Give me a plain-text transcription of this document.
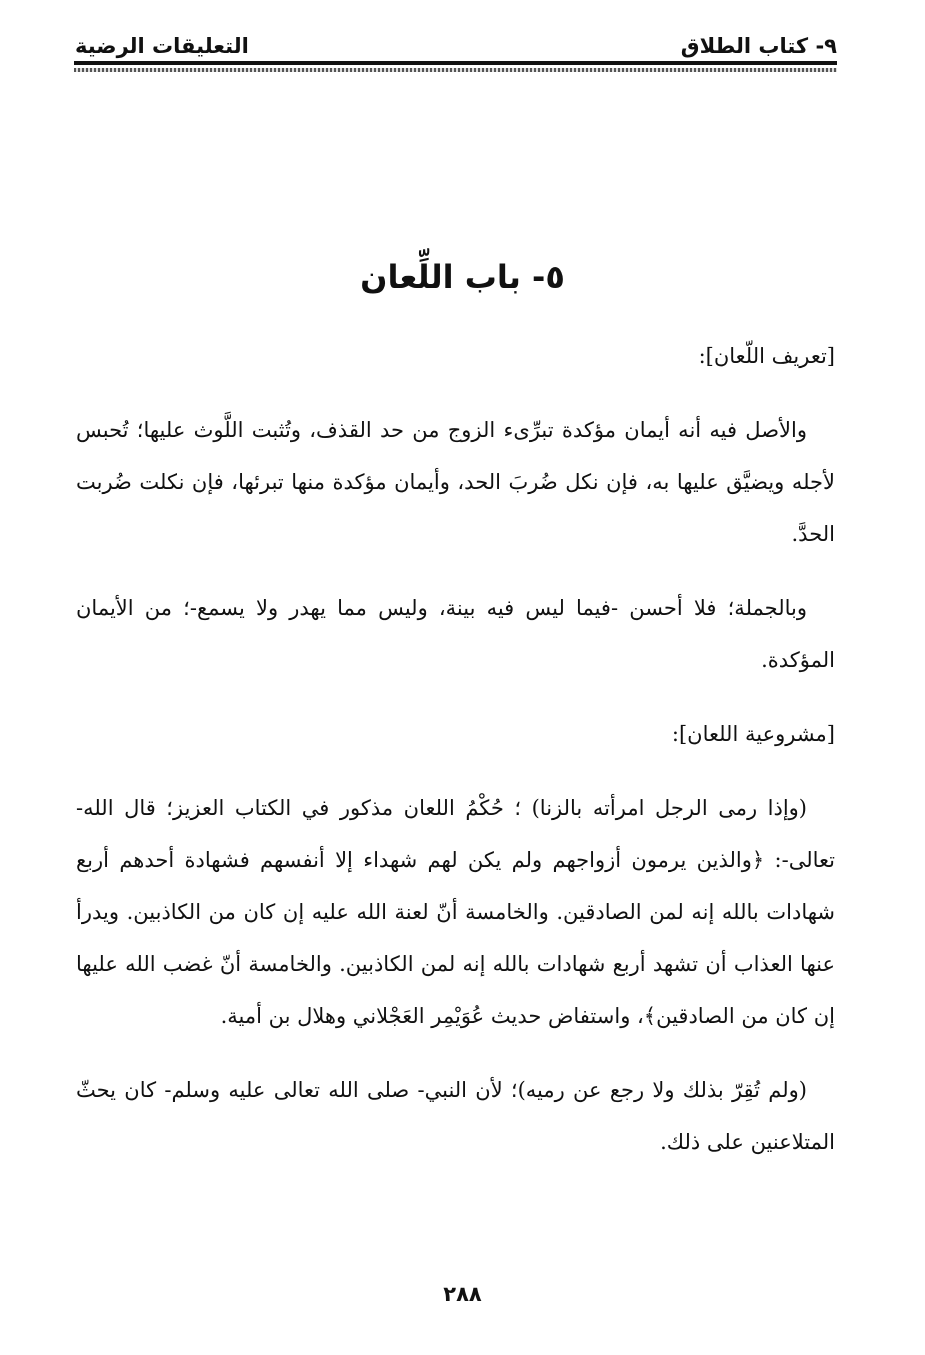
٩- كتاب الطلاق
التعليقات الرضية
٥- باب اللِّعان

[تعريف اللّعان]:

والأصل فيه أنه أيمان مؤكدة تبرِّىء الزوج من حد القذف، وتُثبت اللَّوث عليها؛ تُحبس لأجله ويضيَّق عليها به، فإن نكل ضُربَ الحد، وأيمان مؤكدة منها تبرئها، فإن نكلت ضُربت الحدَّ.

وبالجملة؛ فلا أحسن -فيما ليس فيه بينة، وليس مما يهدر ولا يسمع-؛ من الأيمان المؤكدة.

[مشروعية اللعان]:

(وإذا رمى الرجل امرأته بالزنا) ؛ حُكْمُ اللعان مذكور في الكتاب العزيز؛ قال الله-تعالى-: ﴿والذين يرمون أزواجهم ولم يكن لهم شهداء إلا أنفسهم فشهادة أحدهم أربع شهادات بالله إنه لمن الصادقين. والخامسة أنّ لعنة الله عليه إن كان من الكاذبين. ويدرأ عنها العذاب أن تشهد أربع شهادات بالله إنه لمن الكاذبين. والخامسة أنّ غضب الله عليها إن كان من الصادقين﴾، واستفاض حديث عُوَيْمِر العَجْلاني وهلال بن أمية.

(ولم تُقِرّ بذلك ولا رجع عن رميه)؛ لأن النبي- صلى الله تعالى عليه وسلم- كان يحثّ المتلاعنين على ذلك.

٢٨٨
